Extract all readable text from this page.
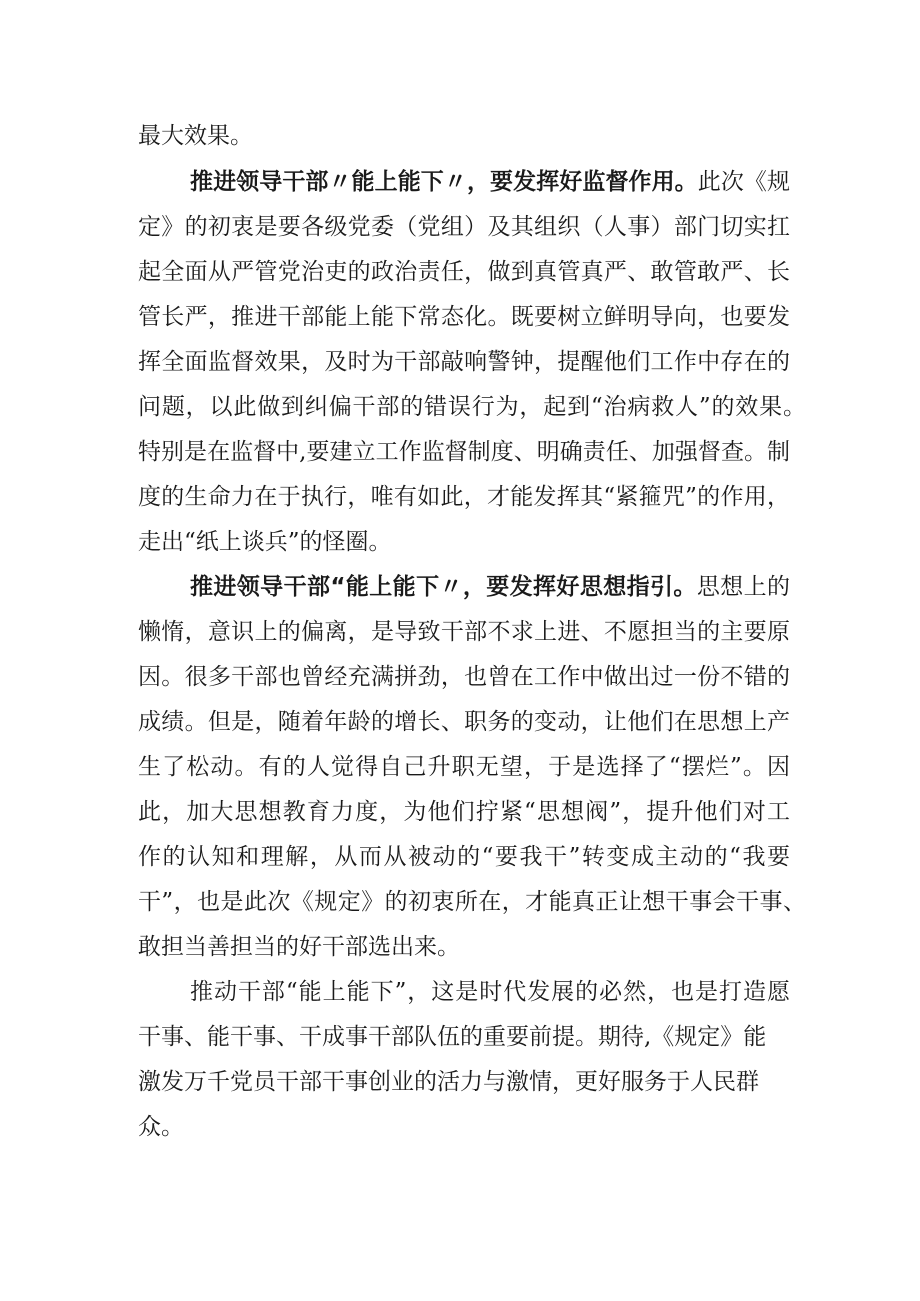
最大效果。

推进领导干部〃能上能下〃，要发挥好监督作用。此次《规

定》的初衷是要各级党委（党组）及其组织（人事）部门切实扛

起全面从严管党治吏的政治责任，做到真管真严、敢管敢严、长

管长严，推进干部能上能下常态化。既要树立鲜明导向，也要发

挥全面监督效果，及时为干部敲响警钟，提醒他们工作中存在的

问题，以此做到纠偏干部的错误行为，起到“治病救人”的效果。

特别是在监督中,要建立工作监督制度、明确责任、加强督查。制

度的生命力在于执行，唯有如此，才能发挥其“紧箍咒”的作用，

走出“纸上谈兵”的怪圈。

推进领导干部“能上能下〃，要发挥好思想指引。思想上的

懒惰，意识上的偏离，是导致干部不求上进、不愿担当的主要原

因。很多干部也曾经充满拼劲，也曾在工作中做出过一份不错的

成绩。但是，随着年龄的增长、职务的变动，让他们在思想上产

生了松动。有的人觉得自己升职无望，于是选择了“摆烂”。因

此，加大思想教育力度，为他们拧紧“思想阀”，提升他们对工

作的认知和理解，从而从被动的“要我干”转变成主动的“我要

干”，也是此次《规定》的初衷所在，才能真正让想干事会干事、

敢担当善担当的好干部选出来。

推动干部“能上能下”，这是时代发展的必然，也是打造愿

干事、能干事、干成事干部队伍的重要前提。期待,《规定》能

激发万千党员干部干事创业的活力与激情，更好服务于人民群

众。
